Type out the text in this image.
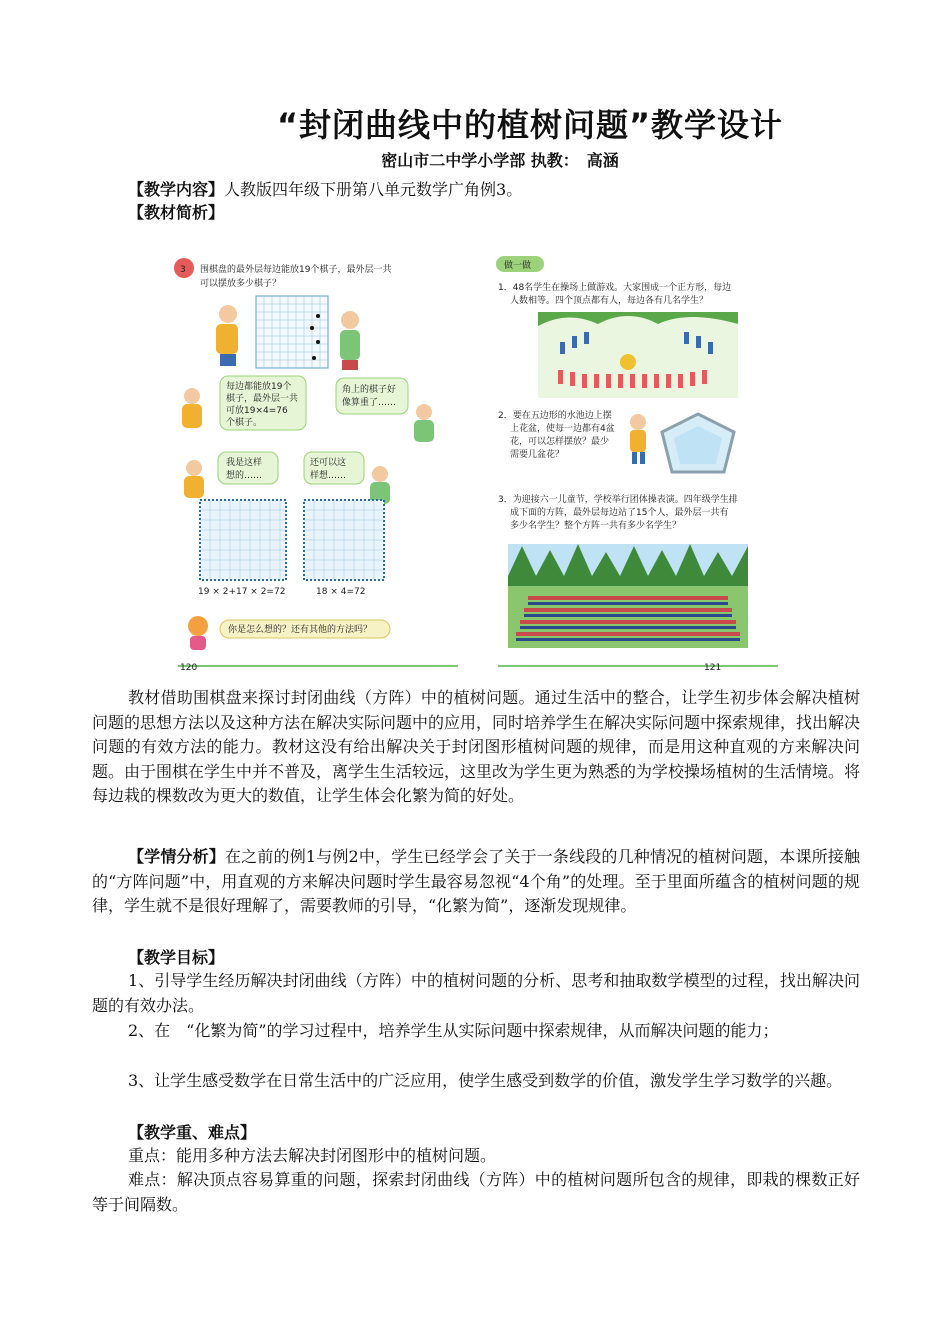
“封闭曲线中的植树问题”教学设计
密山市二中学小学部 执教：　高涵
【教学内容】人教版四年级下册第八单元数学广角例3。
【教材简析】
3 围棋盘的最外层每边能放19个棋子，最外层一共
可以摆放多少棋子？
每边都能放19个
棋子，最外层一共
可放19×4=76
个棋子。
角上的棋子好
像算重了……
我是这样
想的……
还可以这
样想……
19 × 2+17 × 2=72	18 × 4=72
你是怎么想的？还有其他的方法吗？
120
做一做
1．48名学生在操场上做游戏。大家围成一个正方形，每边
人数相等。四个顶点都有人，每边各有几名学生？
2．要在五边形的水池边上摆
上花盆，使每一边都有4盆
花，可以怎样摆放？最少
需要几盆花？
3．为迎接六一儿童节，学校举行团体操表演。四年级学生排
成下面的方阵，最外层每边站了15个人，最外层一共有
多少名学生？整个方阵一共有多少名学生？
121

教材借助围棋盘来探讨封闭曲线（方阵）中的植树问题。通过生活中的整合，让学生初步体会解决植树问题的思想方法以及这种方法在解决实际问题中的应用，同时培养学生在解决实际问题中探索规律，找出解决问题的有效方法的能力。教材这没有给出解决关于封闭图形植树问题的规律，而是用这种直观的方来解决问题。由于围棋在学生中并不普及，离学生生活较远，这里改为学生更为熟悉的为学校操场植树的生活情境。将每边栽的棵数改为更大的数值，让学生体会化繁为简的好处。

【学情分析】在之前的例1与例2中，学生已经学会了关于一条线段的几种情况的植树问题，本课所接触的“方阵问题”中，用直观的方来解决问题时学生最容易忽视“4个角”的处理。至于里面所蕴含的植树问题的规律，学生就不是很好理解了，需要教师的引导，“化繁为简”，逐渐发现规律。

【教学目标】

1、引导学生经历解决封闭曲线（方阵）中的植树问题的分析、思考和抽取数学模型的过程，找出解决问题的有效办法。

2、在　“化繁为简”的学习过程中，培养学生从实际问题中探索规律，从而解决问题的能力；

3、让学生感受数学在日常生活中的广泛应用，使学生感受到数学的价值，激发学生学习数学的兴趣。

【教学重、难点】

重点：能用多种方法去解决封闭图形中的植树问题。

难点：解决顶点容易算重的问题，探索封闭曲线（方阵）中的植树问题所包含的规律，即栽的棵数正好等于间隔数。
